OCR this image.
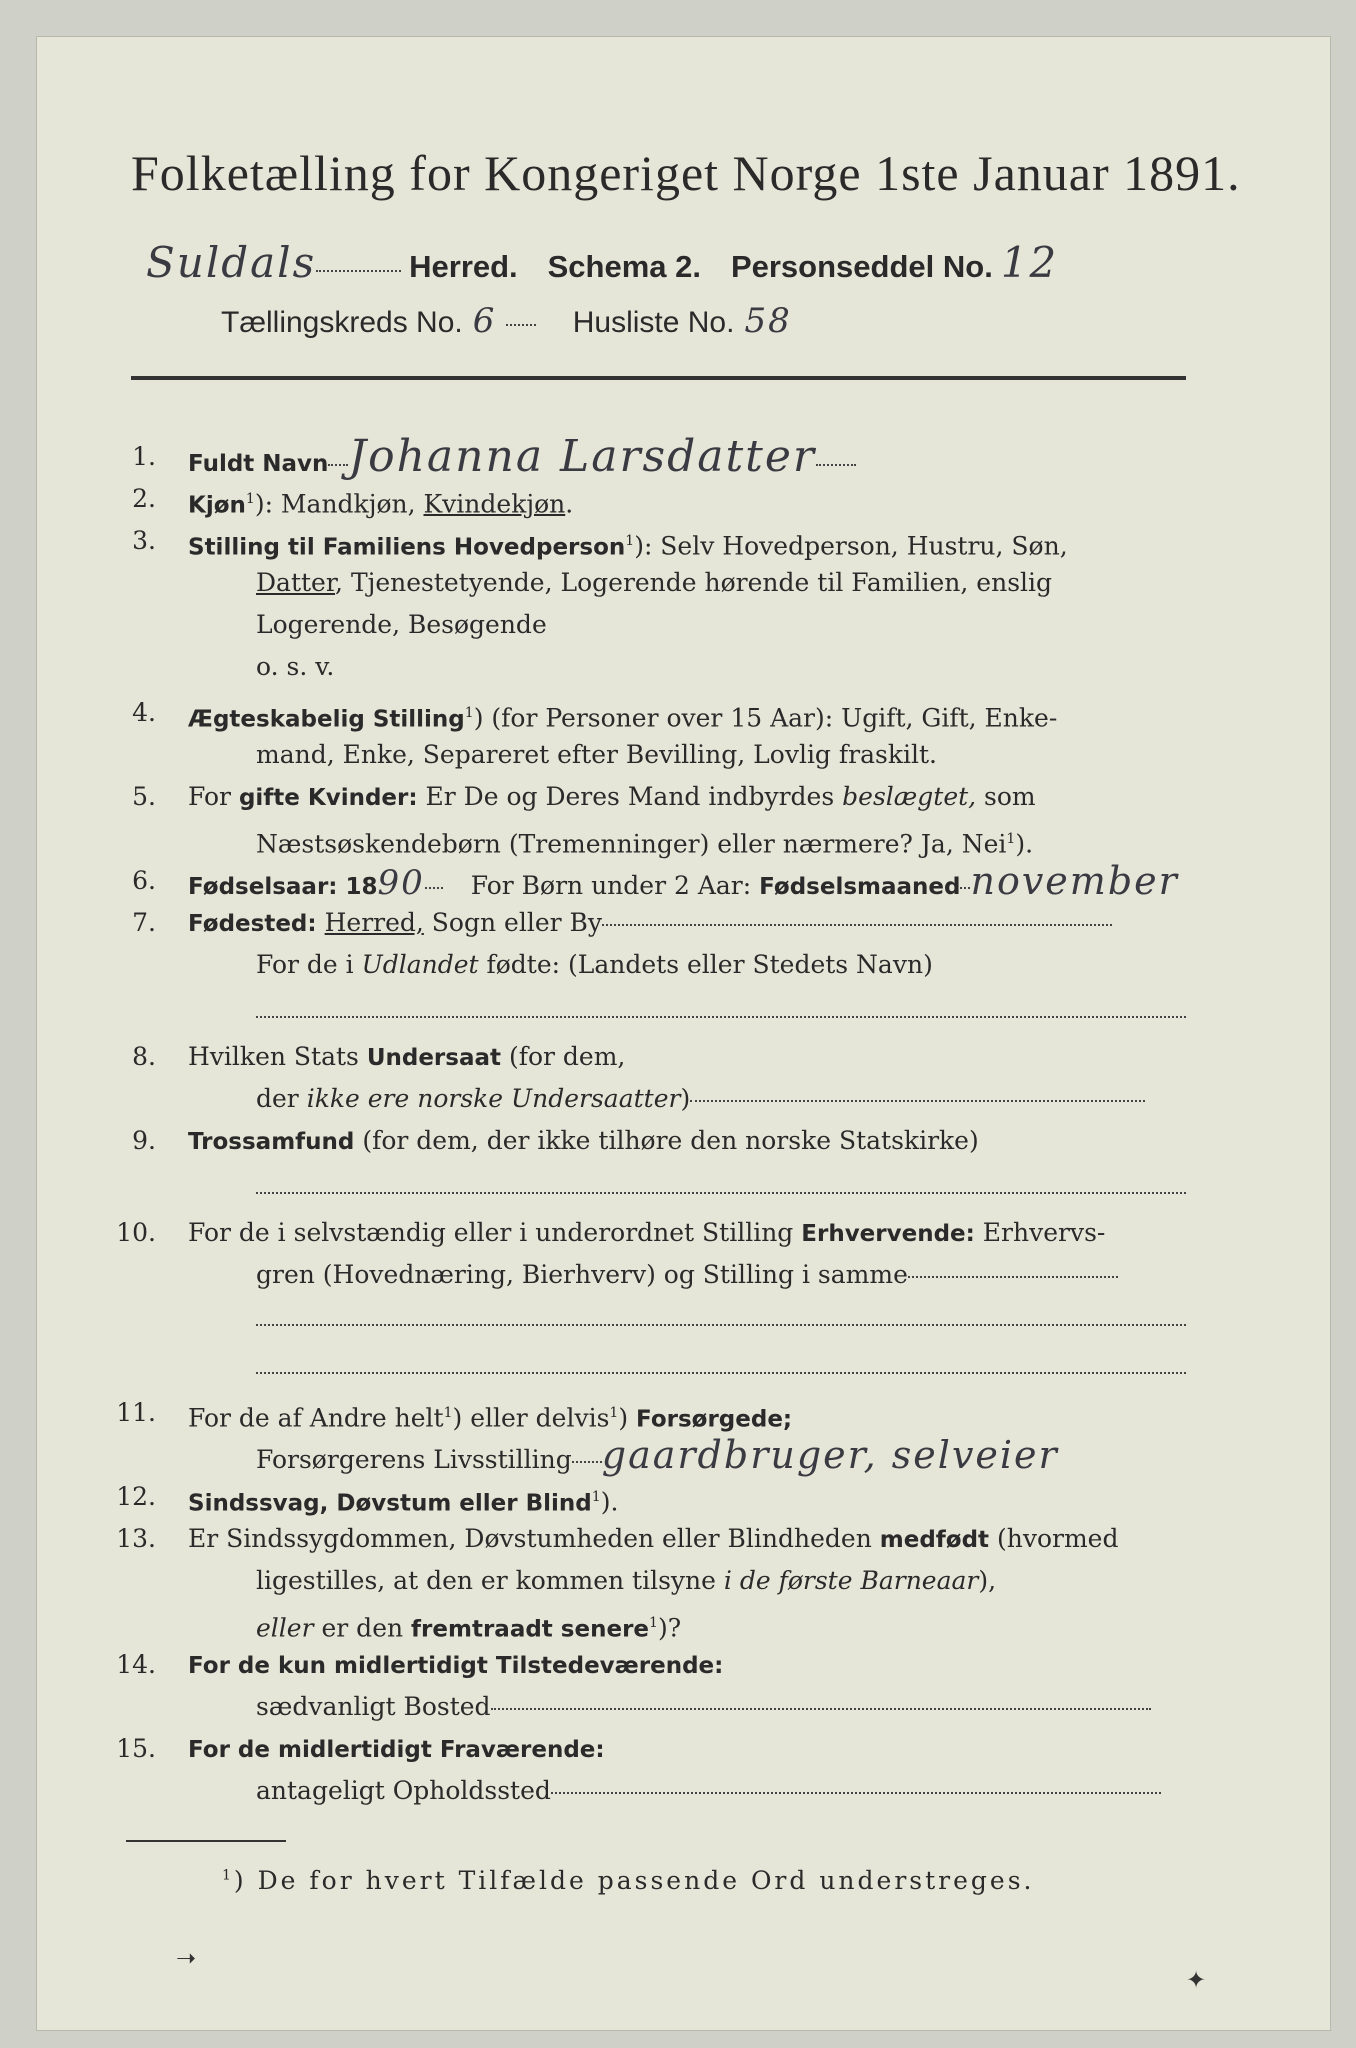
Folketælling for Kongeriget Norge 1ste Januar 1891.
Suldals	Herred. Schema 2. Personseddel No. 12
Tællingskreds No. 6	Husliste No. 58
1. Fuldt Navn Johanna Larsdatter
2. Kjøn$^1$): Mandkjøn, Kvindekjøn.
3. Stilling til Familiens Hovedperson$^1$): Selv Hovedperson, Hustru, Søn,
Datter, Tjenestetyende, Logerende hørende til Familien, enslig
Logerende, Besøgende
o. s. v.
4. Ægteskabelig Stilling$^1$) (for Personer over 15 Aar): Ugift, Gift, Enke-
mand, Enke, Separeret efter Bevilling, Lovlig fraskilt.
5. For gifte Kvinder: Er De og Deres Mand indbyrdes beslægtet, som
Næstsøskendebørn (Tremenninger) eller nærmere? Ja, Nei$^1$).
6. Fødselsaar: 1890 For Børn under 2 Aar: Fødselsmaaned november
7. Fødested: Herred, Sogn eller By
For de i Udlandet fødte: (Landets eller Stedets Navn)
8. Hvilken Stats Undersaat (for dem,
der ikke ere norske Undersaatter)
9. Trossamfund (for dem, der ikke tilhøre den norske Statskirke)
10. For de i selvstændig eller i underordnet Stilling Erhvervende: Erhvervs-
gren (Hovednæring, Bierhverv) og Stilling i samme
11. For de af Andre helt$^1$) eller delvis$^1$) Forsørgede;
Forsørgerens Livsstilling gaardbruger, selveier
12. Sindssvag, Døvstum eller Blind$^1$).
13. Er Sindssygdommen, Døvstumheden eller Blindheden medfødt (hvormed
ligestilles, at den er kommen tilsyne i de første Barneaar),
eller er den fremtraadt senere$^1$)?
14. For de kun midlertidigt Tilstedeværende:
sædvanligt Bosted
15. For de midlertidigt Fraværende:
antageligt Opholdssted
$^1$) De for hvert Tilfælde passende Ord understreges.
➝
✦
